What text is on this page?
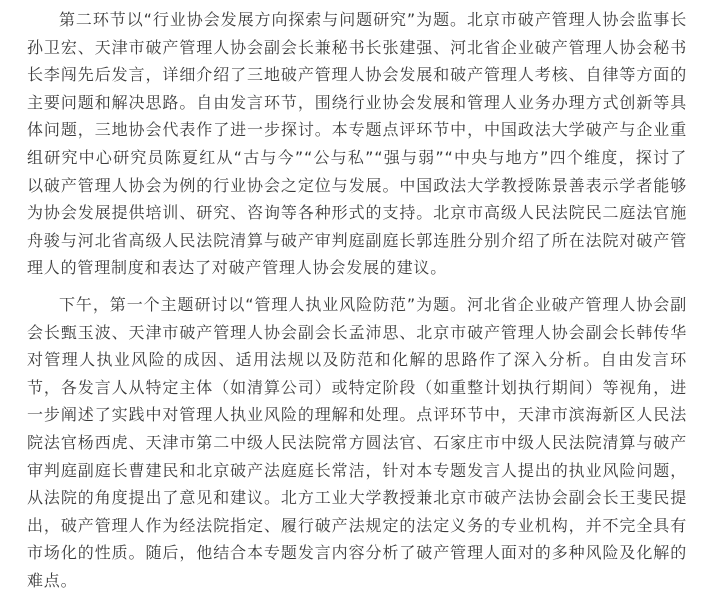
第二环节以“行业协会发展方向探索与问题研究”为题。北京市破产管理人协会监事长孙卫宏、天津市破产管理人协会副会长兼秘书长张建强、河北省企业破产管理人协会秘书长李闯先后发言，详细介绍了三地破产管理人协会发展和破产管理人考核、自律等方面的主要问题和解决思路。自由发言环节，围绕行业协会发展和管理人业务办理方式创新等具体问题，三地协会代表作了进一步探讨。本专题点评环节中，中国政法大学破产与企业重组研究中心研究员陈夏红从“古与今”“公与私”“强与弱”“中央与地方”四个维度，探讨了以破产管理人协会为例的行业协会之定位与发展。中国政法大学教授陈景善表示学者能够为协会发展提供培训、研究、咨询等各种形式的支持。北京市高级人民法院民二庭法官施舟骏与河北省高级人民法院清算与破产审判庭副庭长郭连胜分别介绍了所在法院对破产管理人的管理制度和表达了对破产管理人协会发展的建议。

下午，第一个主题研讨以“管理人执业风险防范”为题。河北省企业破产管理人协会副会长甄玉波、天津市破产管理人协会副会长孟沛思、北京市破产管理人协会副会长韩传华对管理人执业风险的成因、适用法规以及防范和化解的思路作了深入分析。自由发言环节，各发言人从特定主体（如清算公司）或特定阶段（如重整计划执行期间）等视角，进一步阐述了实践中对管理人执业风险的理解和处理。点评环节中，天津市滨海新区人民法院法官杨西虎、天津市第二中级人民法院常方圆法官、石家庄市中级人民法院清算与破产审判庭副庭长曹建民和北京破产法庭庭长常洁，针对本专题发言人提出的执业风险问题，从法院的角度提出了意见和建议。北方工业大学教授兼北京市破产法协会副会长王斐民提出，破产管理人作为经法院指定、履行破产法规定的法定义务的专业机构，并不完全具有市场化的性质。随后，他结合本专题发言内容分析了破产管理人面对的多种风险及化解的难点。
